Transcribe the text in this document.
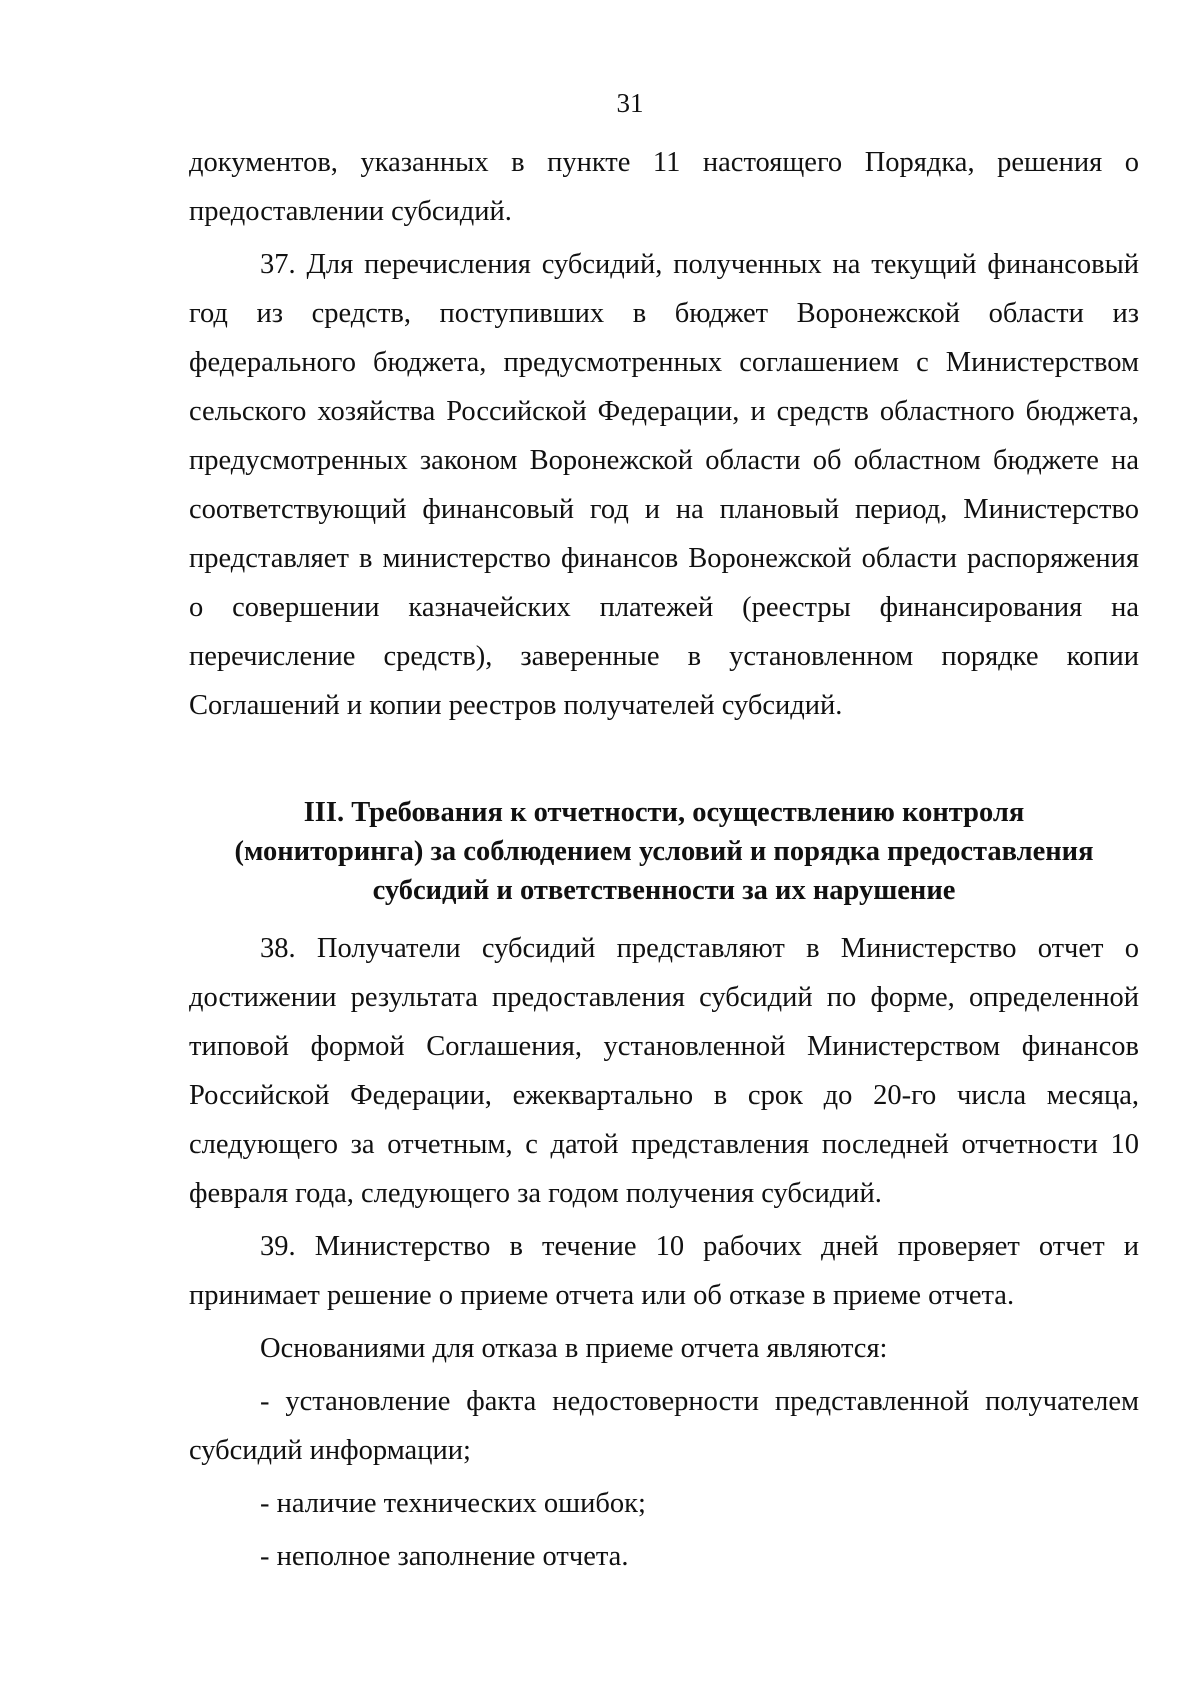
31

документов, указанных в пункте 11 настоящего Порядка, решения о предоставлении субсидий.

37. Для перечисления субсидий, полученных на текущий финансовый год из средств, поступивших в бюджет Воронежской области из федерального бюджета, предусмотренных соглашением с Министерством сельского хозяйства Российской Федерации, и средств областного бюджета, предусмотренных законом Воронежской области об областном бюджете на соответствующий финансовый год и на плановый период, Министерство представляет в министерство финансов Воронежской области распоряжения о совершении казначейских платежей (реестры финансирования на перечисление средств), заверенные в установленном порядке копии Соглашений и копии реестров получателей субсидий.

III. Требования к отчетности, осуществлению контроля
(мониторинга) за соблюдением условий и порядка предоставления
субсидий и ответственности за их нарушение

38. Получатели субсидий представляют в Министерство отчет о достижении результата предоставления субсидий по форме, определенной типовой формой Соглашения, установленной Министерством финансов Российской Федерации, ежеквартально в срок до 20-го числа месяца, следующего за отчетным, с датой представления последней отчетности 10 февраля года, следующего за годом получения субсидий.

39. Министерство в течение 10 рабочих дней проверяет отчет и принимает решение о приеме отчета или об отказе в приеме отчета.

Основаниями для отказа в приеме отчета являются:

- установление факта недостоверности представленной получателем субсидий информации;

- наличие технических ошибок;

- неполное заполнение отчета.
